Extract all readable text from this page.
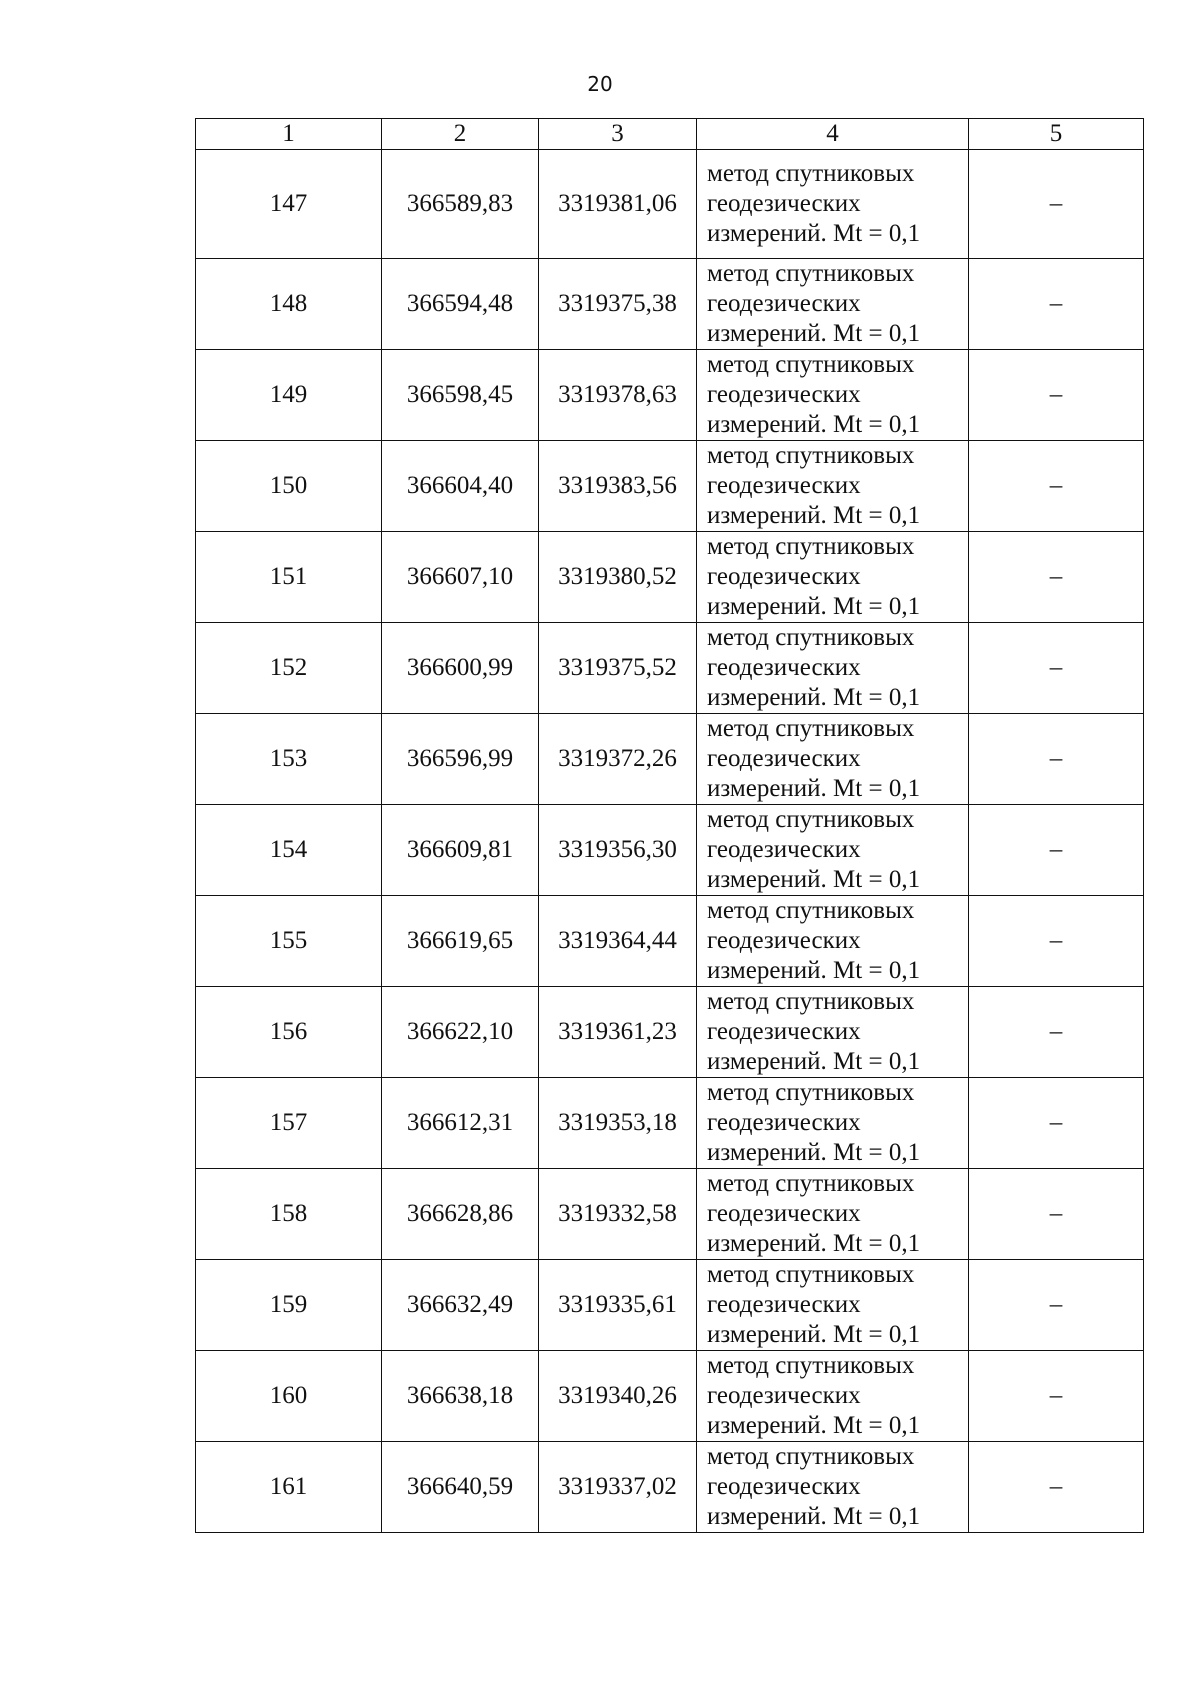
20
1	2	3	4	5
147	366589,83	3319381,06	метод спутниковых
геодезических
измерений. Mt = 0,1	–
148	366594,48	3319375,38	метод спутниковых
геодезических
измерений. Mt = 0,1	–
149	366598,45	3319378,63	метод спутниковых
геодезических
измерений. Mt = 0,1	–
150	366604,40	3319383,56	метод спутниковых
геодезических
измерений. Mt = 0,1	–
151	366607,10	3319380,52	метод спутниковых
геодезических
измерений. Mt = 0,1	–
152	366600,99	3319375,52	метод спутниковых
геодезических
измерений. Mt = 0,1	–
153	366596,99	3319372,26	метод спутниковых
геодезических
измерений. Mt = 0,1	–
154	366609,81	3319356,30	метод спутниковых
геодезических
измерений. Mt = 0,1	–
155	366619,65	3319364,44	метод спутниковых
геодезических
измерений. Mt = 0,1	–
156	366622,10	3319361,23	метод спутниковых
геодезических
измерений. Mt = 0,1	–
157	366612,31	3319353,18	метод спутниковых
геодезических
измерений. Mt = 0,1	–
158	366628,86	3319332,58	метод спутниковых
геодезических
измерений. Mt = 0,1	–
159	366632,49	3319335,61	метод спутниковых
геодезических
измерений. Mt = 0,1	–
160	366638,18	3319340,26	метод спутниковых
геодезических
измерений. Mt = 0,1	–
161	366640,59	3319337,02	метод спутниковых
геодезических
измерений. Mt = 0,1	–
